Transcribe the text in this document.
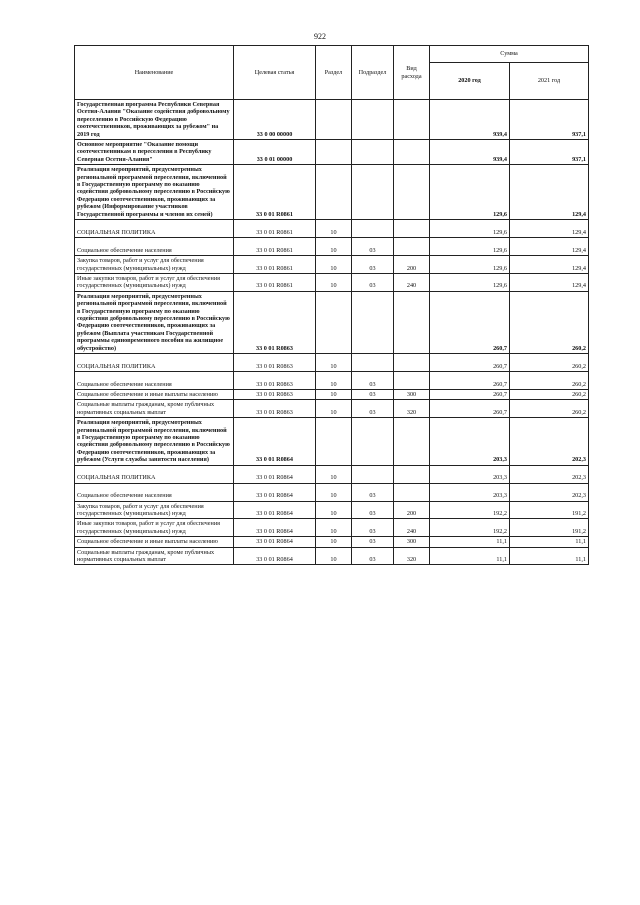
922
Наименование	Целевая статья	Раздел	Подраздел	Вид расхода	Сумма	
					2020 год	2021 год
Государственная программа Республики Северная Осетия-Алания "Оказание содействия добровольному переселению в Российскую Федерацию соотечественников, проживающих за рубежом" на 2019 год	33 0 00 00000				939,4	937,1
Основное мероприятие "Оказание помощи соотечественникам в переселении в Республику Северная Осетия-Алания"	33 0 01 00000				939,4	937,1
Реализация мероприятий, предусмотренных региональной программой переселения, включенной в Государственную программу по оказанию содействия добровольному переселению в Российскую Федерацию соотечественников, проживающих за рубежом (Информирование участников Государственной программы и членов их семей)	33 0 01 R0861				129,6	129,4
СОЦИАЛЬНАЯ ПОЛИТИКА	33 0 01 R0861	10			129,6	129,4
Социальное обеспечение населения	33 0 01 R0861	10	03		129,6	129,4
Закупка товаров, работ и услуг для обеспечения государственных (муниципальных) нужд	33 0 01 R0861	10	03	200	129,6	129,4
Иные закупки товаров, работ и услуг для обеспечения государственных (муниципальных) нужд	33 0 01 R0861	10	03	240	129,6	129,4
Реализация мероприятий, предусмотренных региональной программой переселения, включенной в Государственную программу по оказанию содействия добровольному переселению в Российскую Федерацию соотечественников, проживающих за рубежом (Выплата участникам Государственной программы единовременного пособия на жилищное обустройство)	33 0 01 R0863				260,7	260,2
СОЦИАЛЬНАЯ ПОЛИТИКА	33 0 01 R0863	10			260,7	260,2
Социальное обеспечение населения	33 0 01 R0863	10	03		260,7	260,2
Социальное обеспечение и иные выплаты населению	33 0 01 R0863	10	03	300	260,7	260,2
Социальные выплаты гражданам, кроме публичных нормативных социальных выплат	33 0 01 R0863	10	03	320	260,7	260,2
Реализация мероприятий, предусмотренных региональной программой переселения, включенной в Государственную программу по оказанию содействия добровольному переселению в Российскую Федерацию соотечественников, проживающих за рубежом (Услуги службы занятости населения)	33 0 01 R0864				203,3	202,3
СОЦИАЛЬНАЯ ПОЛИТИКА	33 0 01 R0864	10			203,3	202,3
Социальное обеспечение населения	33 0 01 R0864	10	03		203,3	202,3
Закупка товаров, работ и услуг для обеспечения государственных (муниципальных) нужд	33 0 01 R0864	10	03	200	192,2	191,2
Иные закупки товаров, работ и услуг для обеспечения государственных (муниципальных) нужд	33 0 01 R0864	10	03	240	192,2	191,2
Социальное обеспечение и иные выплаты населению	33 0 01 R0864	10	03	300	11,1	11,1
Социальные выплаты гражданам, кроме публичных нормативных социальных выплат	33 0 01 R0864	10	03	320	11,1	11,1
